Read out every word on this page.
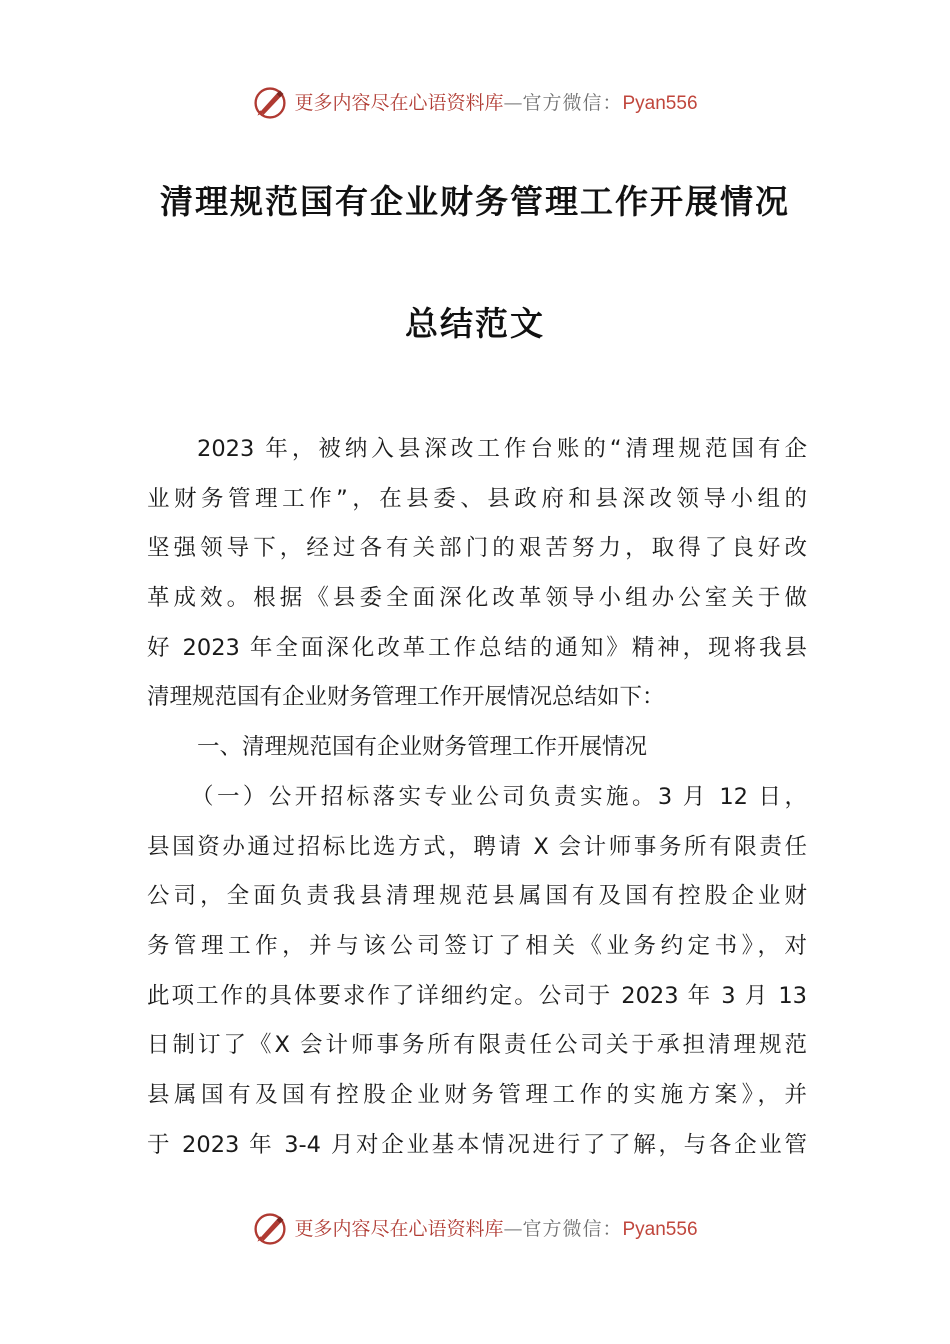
更多内容尽在心语资料库—官方微信：Pyan556
清理规范国有企业财务管理工作开展情况
总结范文
2023 年，被纳入县深改工作台账的“清理规范国有企
业财务管理工作”，在县委、县政府和县深改领导小组的
坚强领导下，经过各有关部门的艰苦努力，取得了良好改
革成效。根据《县委全面深化改革领导小组办公室关于做
好 2023 年全面深化改革工作总结的通知》精神，现将我县
清理规范国有企业财务管理工作开展情况总结如下：
一、清理规范国有企业财务管理工作开展情况
（一）公开招标落实专业公司负责实施。3 月 12 日，
县国资办通过招标比选方式，聘请 X 会计师事务所有限责任
公司，全面负责我县清理规范县属国有及国有控股企业财
务管理工作，并与该公司签订了相关《业务约定书》，对
此项工作的具体要求作了详细约定。公司于 2023 年 3 月 13
日制订了《X 会计师事务所有限责任公司关于承担清理规范
县属国有及国有控股企业财务管理工作的实施方案》，并
于 2023 年 3-4 月对企业基本情况进行了了解，与各企业管
更多内容尽在心语资料库—官方微信：Pyan556
